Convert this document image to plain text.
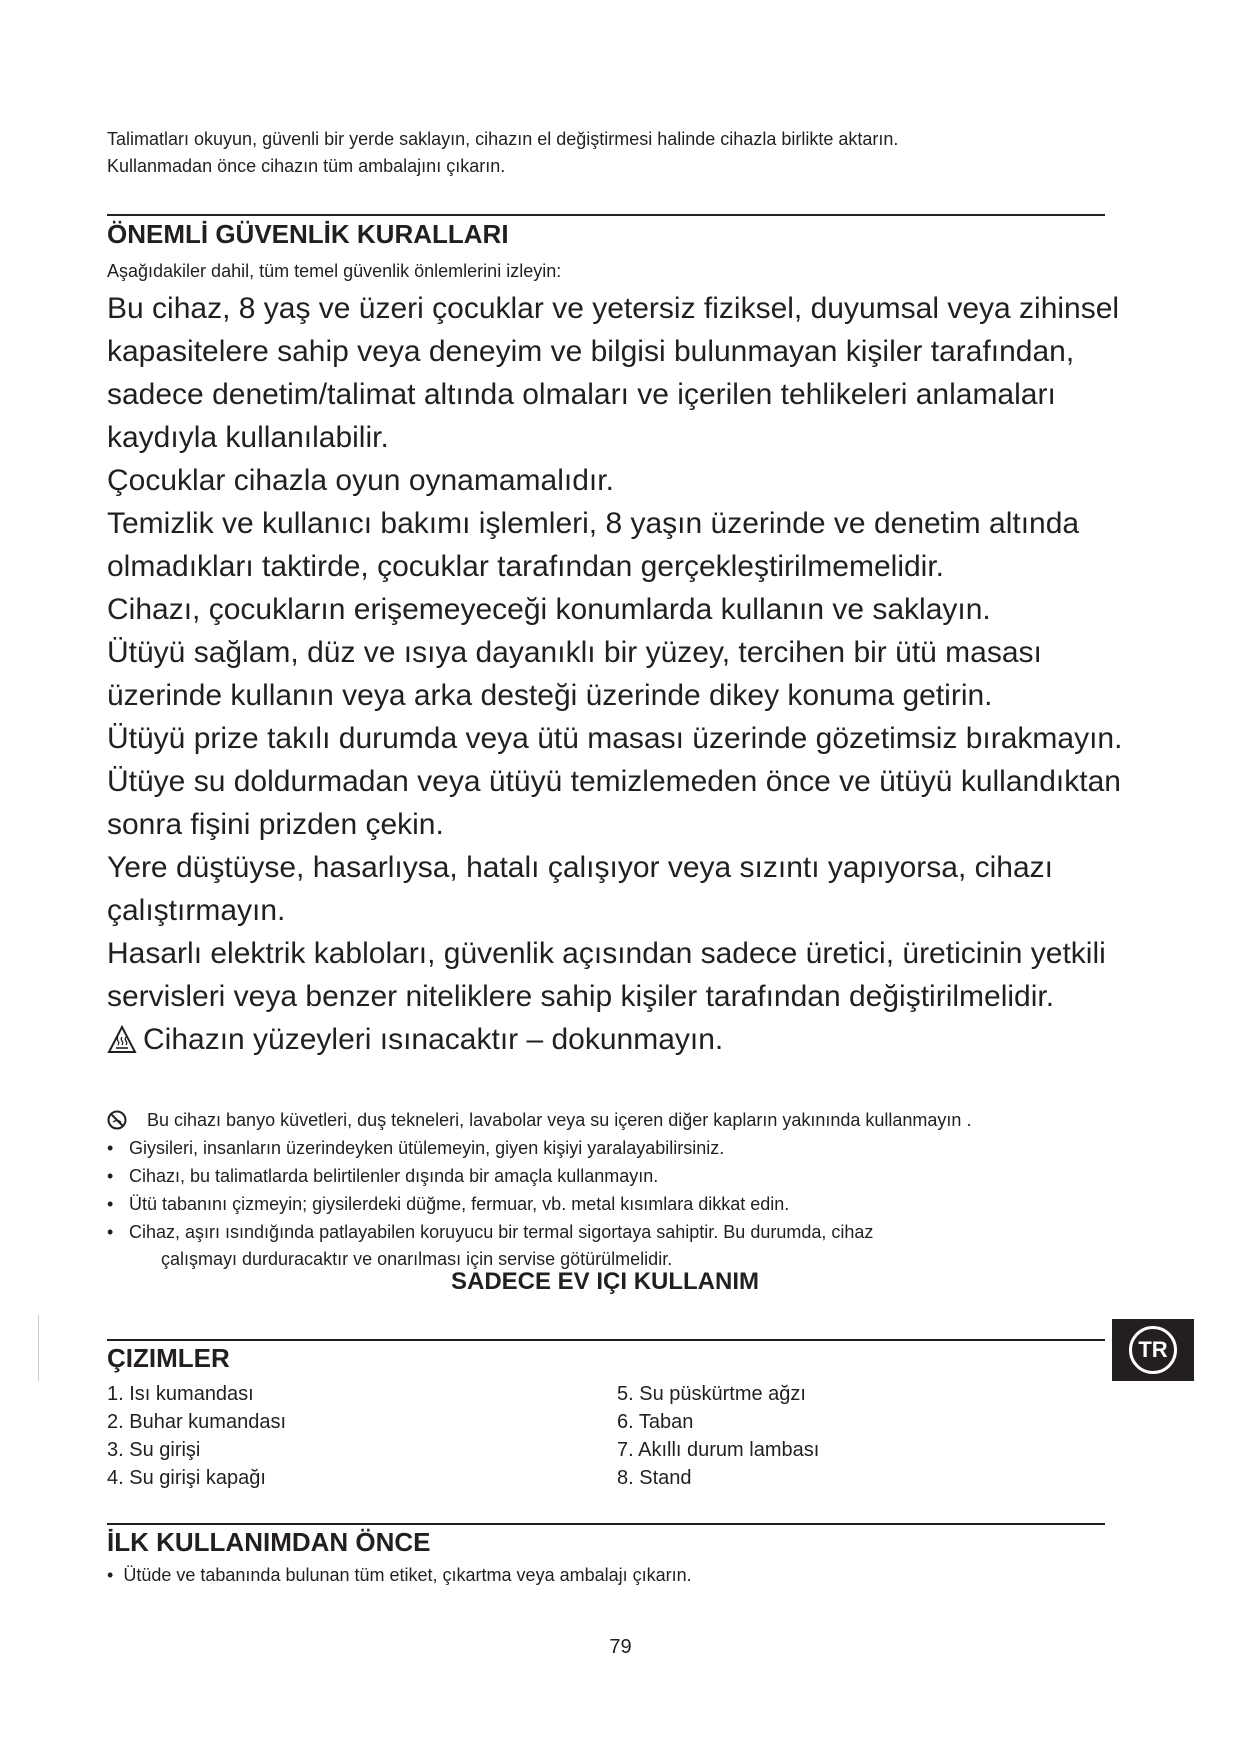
Talimatları okuyun, güvenli bir yerde saklayın, cihazın el değiştirmesi halinde cihazla birlikte aktarın.
Kullanmadan önce cihazın tüm ambalajını çıkarın.
ÖNEMLİ GÜVENLİK KURALLARI
Aşağıdakiler dahil, tüm temel güvenlik önlemlerini izleyin:

Bu cihaz, 8 yaş ve üzeri çocuklar ve yetersiz fiziksel, duyumsal veya zihinsel kapasitelere sahip veya deneyim ve bilgisi bulunmayan kişiler tarafından, sadece denetim/talimat altında olmaları ve içerilen tehlikeleri anlamaları kaydıyla kullanılabilir.

Çocuklar cihazla oyun oynamamalıdır.

Temizlik ve kullanıcı bakımı işlemleri, 8 yaşın üzerinde ve denetim altında olmadıkları taktirde, çocuklar tarafından gerçekleştirilmemelidir.

Cihazı, çocukların erişemeyeceği konumlarda kullanın ve saklayın.

Ütüyü sağlam, düz ve ısıya dayanıklı bir yüzey, tercihen bir ütü masası üzerinde kullanın veya arka desteği üzerinde dikey konuma getirin.

Ütüyü prize takılı durumda veya ütü masası üzerinde gözetimsiz bırakmayın.

Ütüye su doldurmadan veya ütüyü temizlemeden önce ve ütüyü kullandıktan sonra fişini prizden çekin.

Yere düştüyse, hasarlıysa, hatalı çalışıyor veya sızıntı yapıyorsa, cihazı çalıştırmayın.

Hasarlı elektrik kabloları, güvenlik açısından sadece üretici, üreticinin yetkili servisleri veya benzer niteliklere sahip kişiler tarafından değiştirilmelidir.

Cihazın yüzeyleri ısınacaktır – dokunmayın.

Bu cihazı banyo küvetleri, duş tekneleri, lavabolar veya su içeren diğer kapların yakınında kullanmayın .
• Giysileri, insanların üzerindeyken ütülemeyin, giyen kişiyi yaralayabilirsiniz.
• Cihazı, bu talimatlarda belirtilenler dışında bir amaçla kullanmayın.
• Ütü tabanını çizmeyin; giysilerdeki düğme, fermuar, vb. metal kısımlara dikkat edin.
• Cihaz, aşırı ısındığında patlayabilen koruyucu bir termal sigortaya sahiptir. Bu durumda, cihaz
çalışmayı durduracaktır ve onarılması için servise götürülmelidir.
SADECE EV IÇI KULLANIM
ÇIZIMLER	TR
1. Isı kumandası
2. Buhar kumandası
3. Su girişi
4. Su girişi kapağı
5. Su püskürtme ağzı
6. Taban
7. Akıllı durum lambası
8. Stand
İLK KULLANIMDAN ÖNCE
• Ütüde ve tabanında bulunan tüm etiket, çıkartma veya ambalajı çıkarın.
79
